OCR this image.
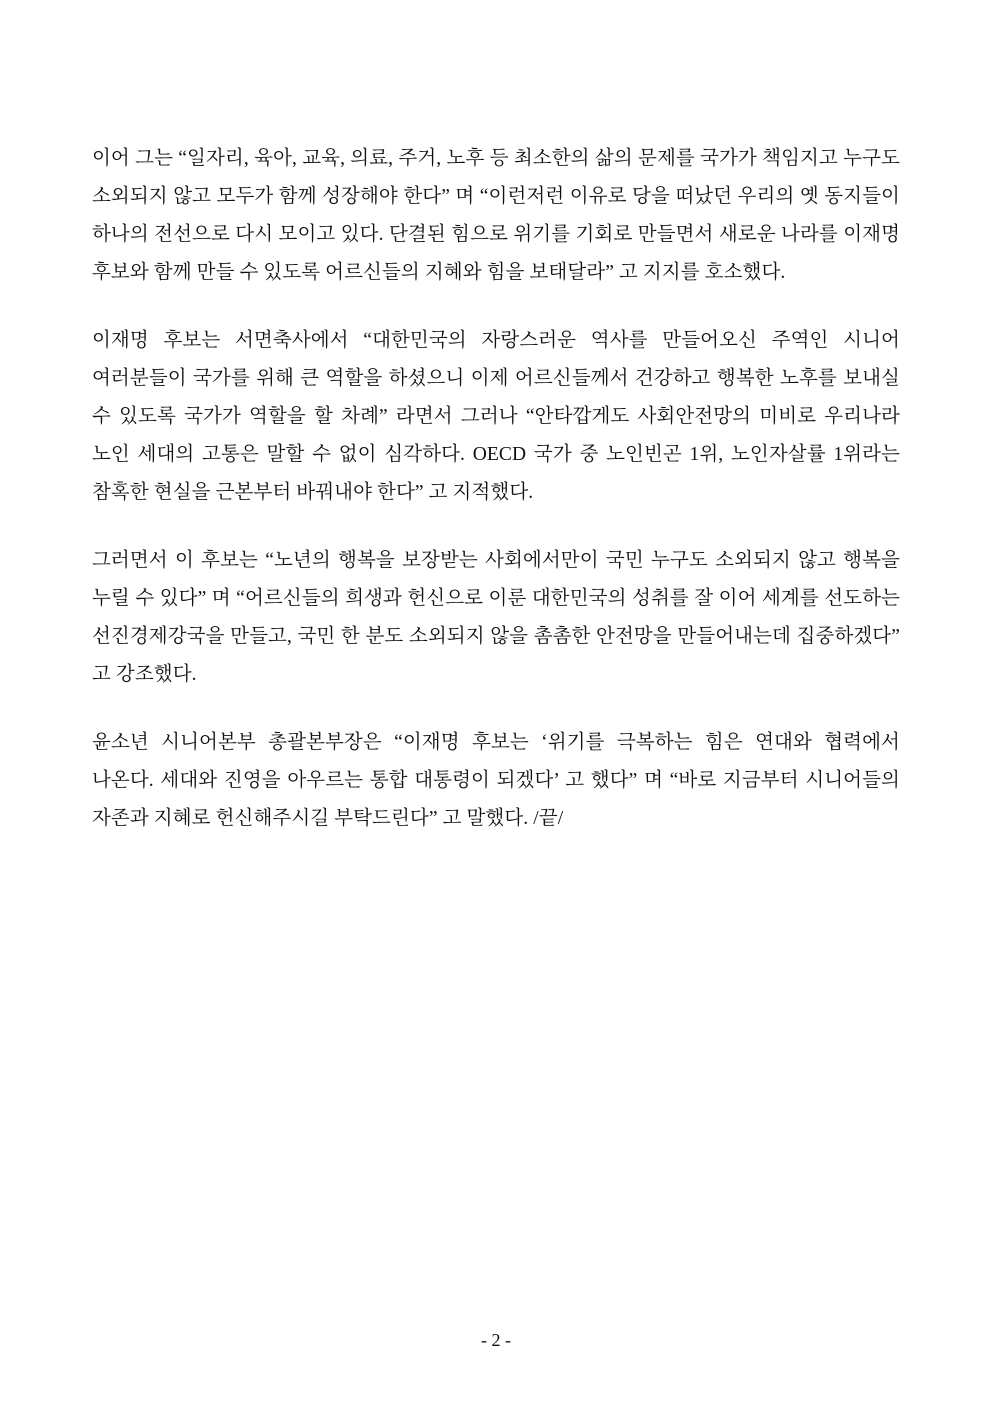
이어 그는 “일자리, 육아, 교육, 의료, 주거, 노후 등 최소한의 삶의 문제를 국가가 책임지고 누구도 소외되지 않고 모두가 함께 성장해야 한다” 며 “이런저런 이유로 당을 떠났던 우리의 옛 동지들이 하나의 전선으로 다시 모이고 있다. 단결된 힘으로 위기를 기회로 만들면서 새로운 나라를 이재명 후보와 함께 만들 수 있도록 어르신들의 지혜와 힘을 보태달라” 고 지지를 호소했다.

이재명 후보는 서면축사에서 “대한민국의 자랑스러운 역사를 만들어오신 주역인 시니어 여러분들이 국가를 위해 큰 역할을 하셨으니 이제 어르신들께서 건강하고 행복한 노후를 보내실 수 있도록 국가가 역할을 할 차례” 라면서 그러나 “안타깝게도 사회안전망의 미비로 우리나라 노인 세대의 고통은 말할 수 없이 심각하다. OECD 국가 중 노인빈곤 1위, 노인자살률 1위라는 참혹한 현실을 근본부터 바꿔내야 한다” 고 지적했다.

그러면서 이 후보는 “노년의 행복을 보장받는 사회에서만이 국민 누구도 소외되지 않고 행복을 누릴 수 있다” 며 “어르신들의 희생과 헌신으로 이룬 대한민국의 성취를 잘 이어 세계를 선도하는 선진경제강국을 만들고, 국민 한 분도 소외되지 않을 촘촘한 안전망을 만들어내는데 집중하겠다” 고 강조했다.

윤소년 시니어본부 총괄본부장은 “이재명 후보는 ‘위기를 극복하는 힘은 연대와 협력에서 나온다. 세대와 진영을 아우르는 통합 대통령이 되겠다’ 고 했다” 며 “바로 지금부터 시니어들의 자존과 지혜로 헌신해주시길 부탁드린다” 고 말했다. /끝/

- 2 -
